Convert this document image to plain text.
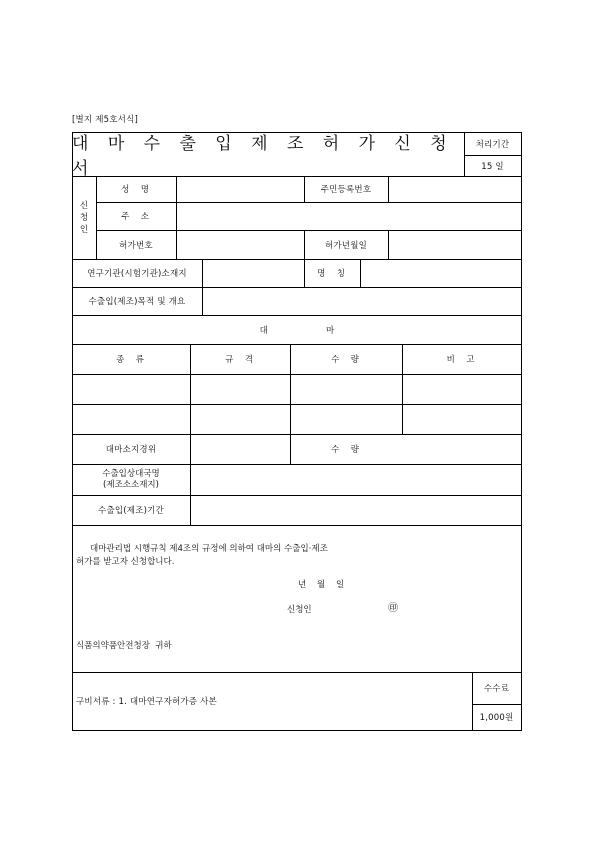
[별지 제5호서식]
대 마 수 출 입 제 조 허 가 신 청 서
처리기간
15 일
신
청
인
성  명	주민등록번호
주  소
허가번호	허가년월일
연구기관(시험기관)소재지	명  칭
수출입(제조)목적 및 개요
대                    마
종  류	규  격	수  량	비  고
대마소지경위	수  량
수출입상대국명
(제조소소재지)
수출입(제조)기간
대마관리법 시행규칙 제4조의 규정에 의하여 대마의 수출입·제조
허가를 받고자 신청합니다.
년    월    일
신청인	㊞
식품의약품안전청장  귀하
구비서류 : 1. 대마연구자허가증 사본
수수료
1,000원
